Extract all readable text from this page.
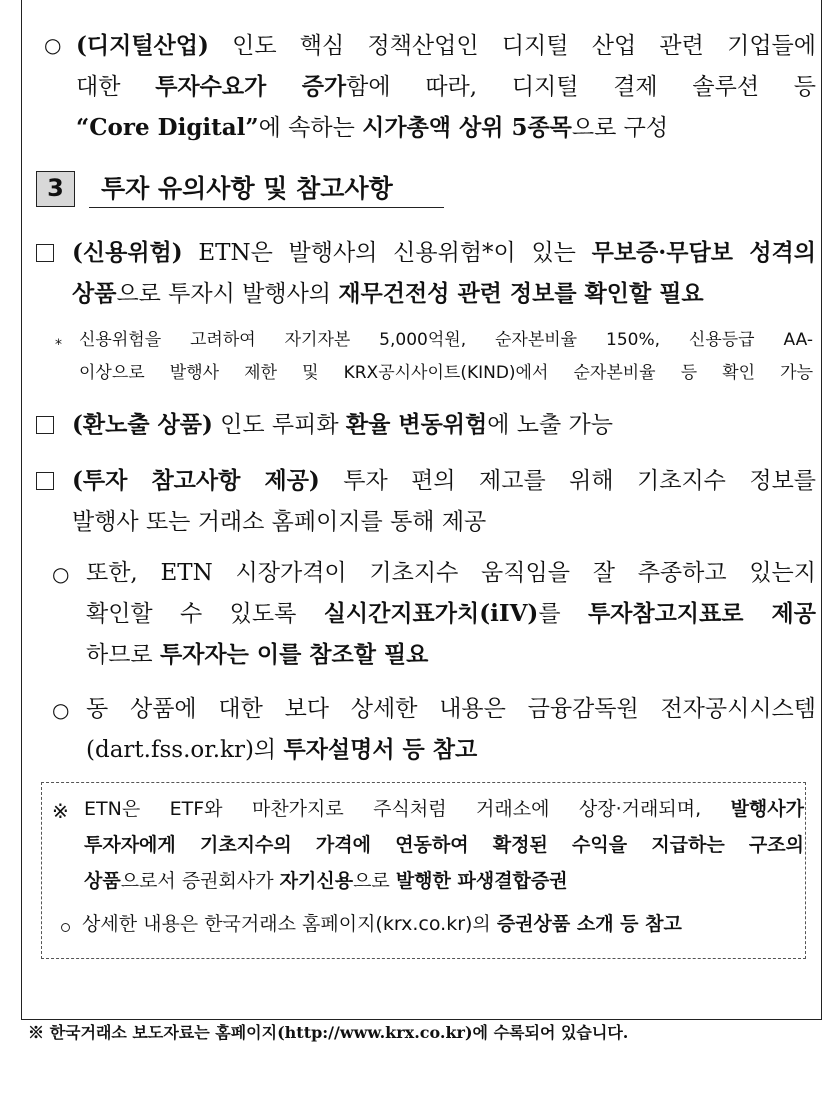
○ (디지털산업) 인도 핵심 정책산업인 디지털 산업 관련 기업들에
대한 투자수요가 증가함에 따라, 디지털 결제 솔루션 등
“Core Digital”에 속하는 시가총액 상위 5종목으로 구성
3	투자 유의사항 및 참고사항
(신용위험) ETN은 발행사의 신용위험*이 있는 무보증·무담보 성격의
상품으로 투자시 발행사의 재무건전성 관련 정보를 확인할 필요
* 신용위험을 고려하여 자기자본 5,000억원, 순자본비율 150%, 신용등급 AA-
이상으로 발행사 제한 및 KRX공시사이트(KIND)에서 순자본비율 등 확인 가능
(환노출 상품) 인도 루피화 환율 변동위험에 노출 가능
(투자 참고사항 제공) 투자 편의 제고를 위해 기초지수 정보를
발행사 또는 거래소 홈페이지를 통해 제공
○ 또한, ETN 시장가격이 기초지수 움직임을 잘 추종하고 있는지
확인할 수 있도록 실시간지표가치(iIV)를 투자참고지표로 제공
하므로 투자자는 이를 참조할 필요
○ 동 상품에 대한 보다 상세한 내용은 금융감독원 전자공시시스템
(dart.fss.or.kr)의 투자설명서 등 참고
※ ETN은 ETF와 마찬가지로 주식처럼 거래소에 상장·거래되며, 발행사가
투자자에게 기초지수의 가격에 연동하여 확정된 수익을 지급하는 구조의
상품으로서 증권회사가 자기신용으로 발행한 파생결합증권
상세한 내용은 한국거래소 홈페이지(krx.co.kr)의 증권상품 소개 등 참고
※ 한국거래소 보도자료는 홈페이지(http://www.krx.co.kr)에 수록되어 있습니다.
